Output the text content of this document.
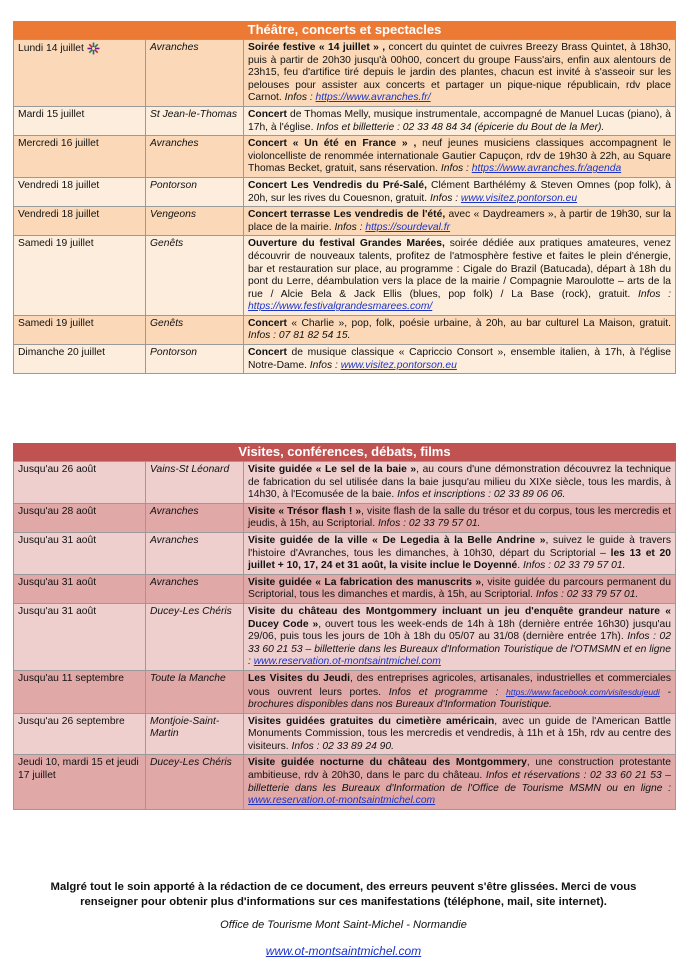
Théâtre, concerts et spectacles
Lundi 14 juillet	Avranches	Soirée festive « 14 juillet » , concert du quintet de cuivres Breezy Brass Quintet, à 18h30, puis à partir de 20h30 jusqu'à 00h00, concert du groupe Fauss'airs, enfin aux alentours de 23h15, feu d'artifice tiré depuis le jardin des plantes, chacun est invité à s'asseoir sur les pelouses pour assister aux concerts et partager un pique-nique républicain, rdv place Carnot. Infos : https://www.avranches.fr/
Mardi 15 juillet	St Jean-le-Thomas	Concert de Thomas Melly, musique instrumentale, accompagné de Manuel Lucas (piano), à 17h, à l'église. Infos et billetterie : 02 33 48 84 34 (épicerie du Bout de la Mer).
Mercredi 16 juillet	Avranches	Concert « Un été en France » , neuf jeunes musiciens classiques accompagnent le violoncelliste de renommée internationale Gautier Capuçon, rdv de 19h30 à 22h, au Square Thomas Becket, gratuit, sans réservation. Infos : https://www.avranches.fr/agenda
Vendredi 18 juillet	Pontorson	Concert Les Vendredis du Pré-Salé, Clément Barthélémy & Steven Omnes (pop folk), à 20h, sur les rives du Couesnon, gratuit. Infos : www.visitez.pontorson.eu
Vendredi 18 juillet	Vengeons	Concert terrasse Les vendredis de l'été, avec « Daydreamers », à partir de 19h30, sur la place de la mairie. Infos : https://sourdeval.fr
Samedi 19 juillet	Genêts	Ouverture du festival Grandes Marées, soirée dédiée aux pratiques amateures, venez découvrir de nouveaux talents, profitez de l'atmosphère festive et faites le plein d'énergie, bar et restauration sur place, au programme : Cigale do Brazil (Batucada), départ à 18h du pont du Lerre, déambulation vers la place de la mairie / Compagnie Maroulotte – arts de la rue / Alcie Bela & Jack Ellis (blues, pop folk) / La Base (rock), gratuit. Infos : https://www.festivalgrandesmarees.com/
Samedi 19 juillet	Genêts	Concert « Charlie », pop, folk, poésie urbaine, à 20h, au bar culturel La Maison, gratuit. Infos : 07 81 82 54 15.
Dimanche 20 juillet	Pontorson	Concert de musique classique « Capriccio Consort », ensemble italien, à 17h, à l'église Notre-Dame. Infos : www.visitez.pontorson.eu
Visites, conférences, débats, films
Jusqu'au 26 août	Vains-St Léonard	Visite guidée « Le sel de la baie », au cours d'une démonstration découvrez la technique de fabrication du sel utilisée dans la baie jusqu'au milieu du XIXe siècle, tous les mardis, à 14h30, à l'Ecomusée de la baie. Infos et inscriptions : 02 33 89 06 06.
Jusqu'au 28 août	Avranches	Visite « Trésor flash ! », visite flash de la salle du trésor et du corpus, tous les mercredis et jeudis, à 15h, au Scriptorial. Infos : 02 33 79 57 01.
Jusqu'au 31 août	Avranches	Visite guidée de la ville « De Legedia à la Belle Andrine », suivez le guide à travers l'histoire d'Avranches, tous les dimanches, à 10h30, départ du Scriptorial – les 13 et 20 juillet + 10, 17, 24 et 31 août, la visite inclue le Doyenné. Infos : 02 33 79 57 01.
Jusqu'au 31 août	Avranches	Visite guidée « La fabrication des manuscrits », visite guidée du parcours permanent du Scriptorial, tous les dimanches et mardis, à 15h, au Scriptorial. Infos : 02 33 79 57 01.
Jusqu'au 31 août	Ducey-Les Chéris	Visite du château des Montgommery incluant un jeu d'enquête grandeur nature « Ducey Code », ouvert tous les week-ends de 14h à 18h (dernière entrée 16h30) jusqu'au 29/06, puis tous les jours de 10h à 18h du 05/07 au 31/08 (dernière entrée 17h). Infos : 02 33 60 21 53 – billetterie dans les Bureaux d'Information Touristique de l'OTMSMN et en ligne : www.reservation.ot-montsaintmichel.com
Jusqu'au 11 septembre	Toute la Manche	Les Visites du Jeudi, des entreprises agricoles, artisanales, industrielles et commerciales vous ouvrent leurs portes. Infos et programme : https://www.facebook.com/visitesdujeudi - brochures disponibles dans nos Bureaux d'Information Touristique.
Jusqu'au 26 septembre	Montjoie-Saint-Martin	Visites guidées gratuites du cimetière américain, avec un guide de l'American Battle Monuments Commission, tous les mercredis et vendredis, à 11h et à 15h, rdv au centre des visiteurs. Infos : 02 33 89 24 90.
Jeudi 10, mardi 15 et jeudi 17 juillet	Ducey-Les Chéris	Visite guidée nocturne du château des Montgommery, une construction protestante ambitieuse, rdv à 20h30, dans le parc du château. Infos et réservations : 02 33 60 21 53 – billetterie dans les Bureaux d'Information de l'Office de Tourisme MSMN ou en ligne : www.reservation.ot-montsaintmichel.com
Malgré tout le soin apporté à la rédaction de ce document, des erreurs peuvent s'être glissées. Merci de vous
renseigner pour obtenir plus d'informations sur ces manifestations (téléphone, mail, site internet).
Office de Tourisme Mont Saint-Michel - Normandie
www.ot-montsaintmichel.com
